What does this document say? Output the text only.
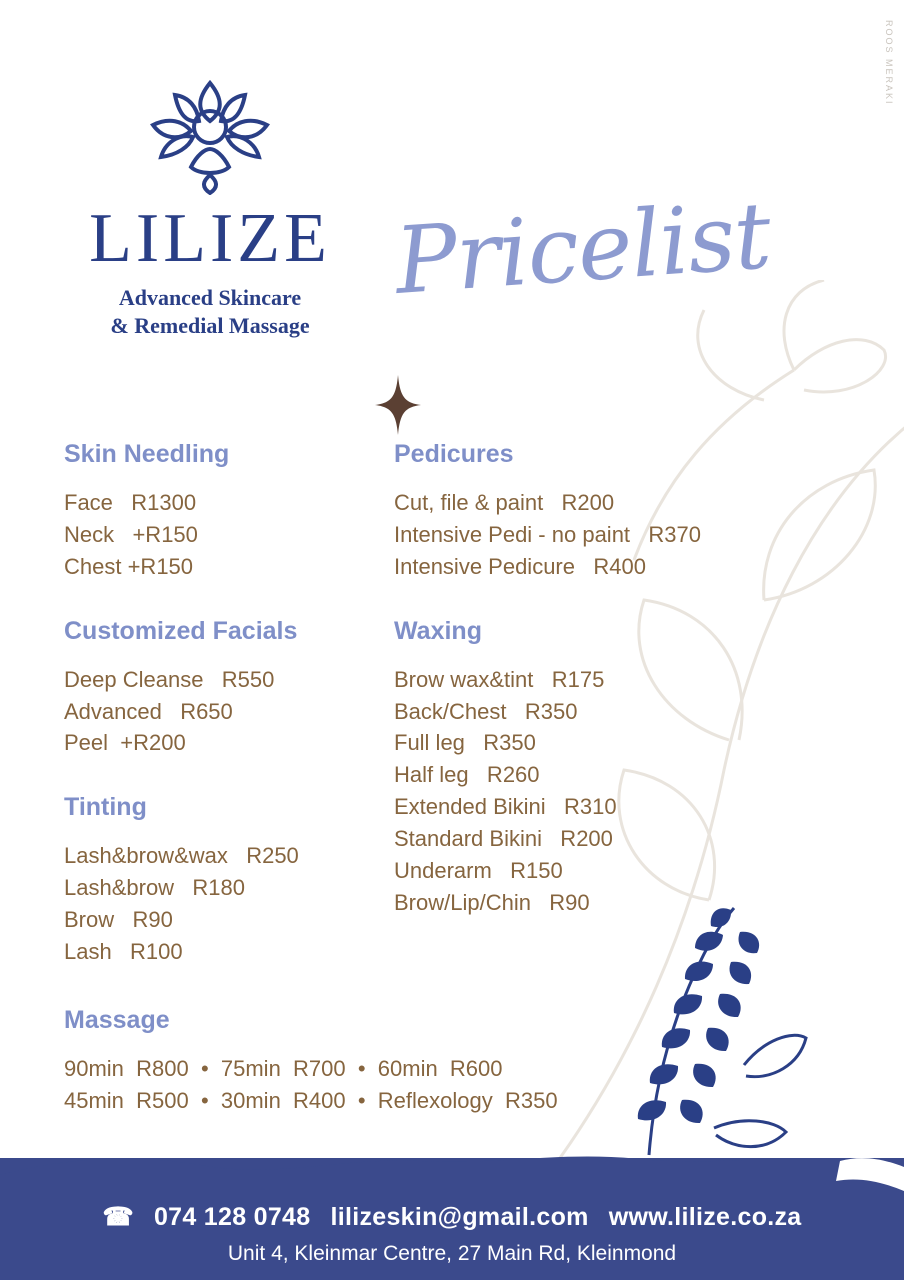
ROOS MERAKI
LILIZE
Advanced Skincare
& Remedial Massage
Pricelist
Skin Needling
Face   R1300
Neck   +R150
Chest +R150
Customized Facials
Deep Cleanse   R550
Advanced   R650
Peel  +R200
Tinting
Lash&brow&wax   R250
Lash&brow   R180
Brow   R90
Lash   R100
Pedicures
Cut, file & paint   R200
Intensive Pedi - no paint   R370
Intensive Pedicure   R400
Waxing
Brow wax&tint   R175
Back/Chest   R350
Full leg   R350
Half leg   R260
Extended Bikini   R310
Standard Bikini   R200
Underarm   R150
Brow/Lip/Chin   R90
Massage
90min  R800  •  75min  R700  •  60min  R600
45min  R500  •  30min  R400  •  Reflexology  R350
☎ 074 128 0748 lilizeskin@gmail.com www.lilize.co.za
Unit 4, Kleinmar Centre, 27 Main Rd, Kleinmond
